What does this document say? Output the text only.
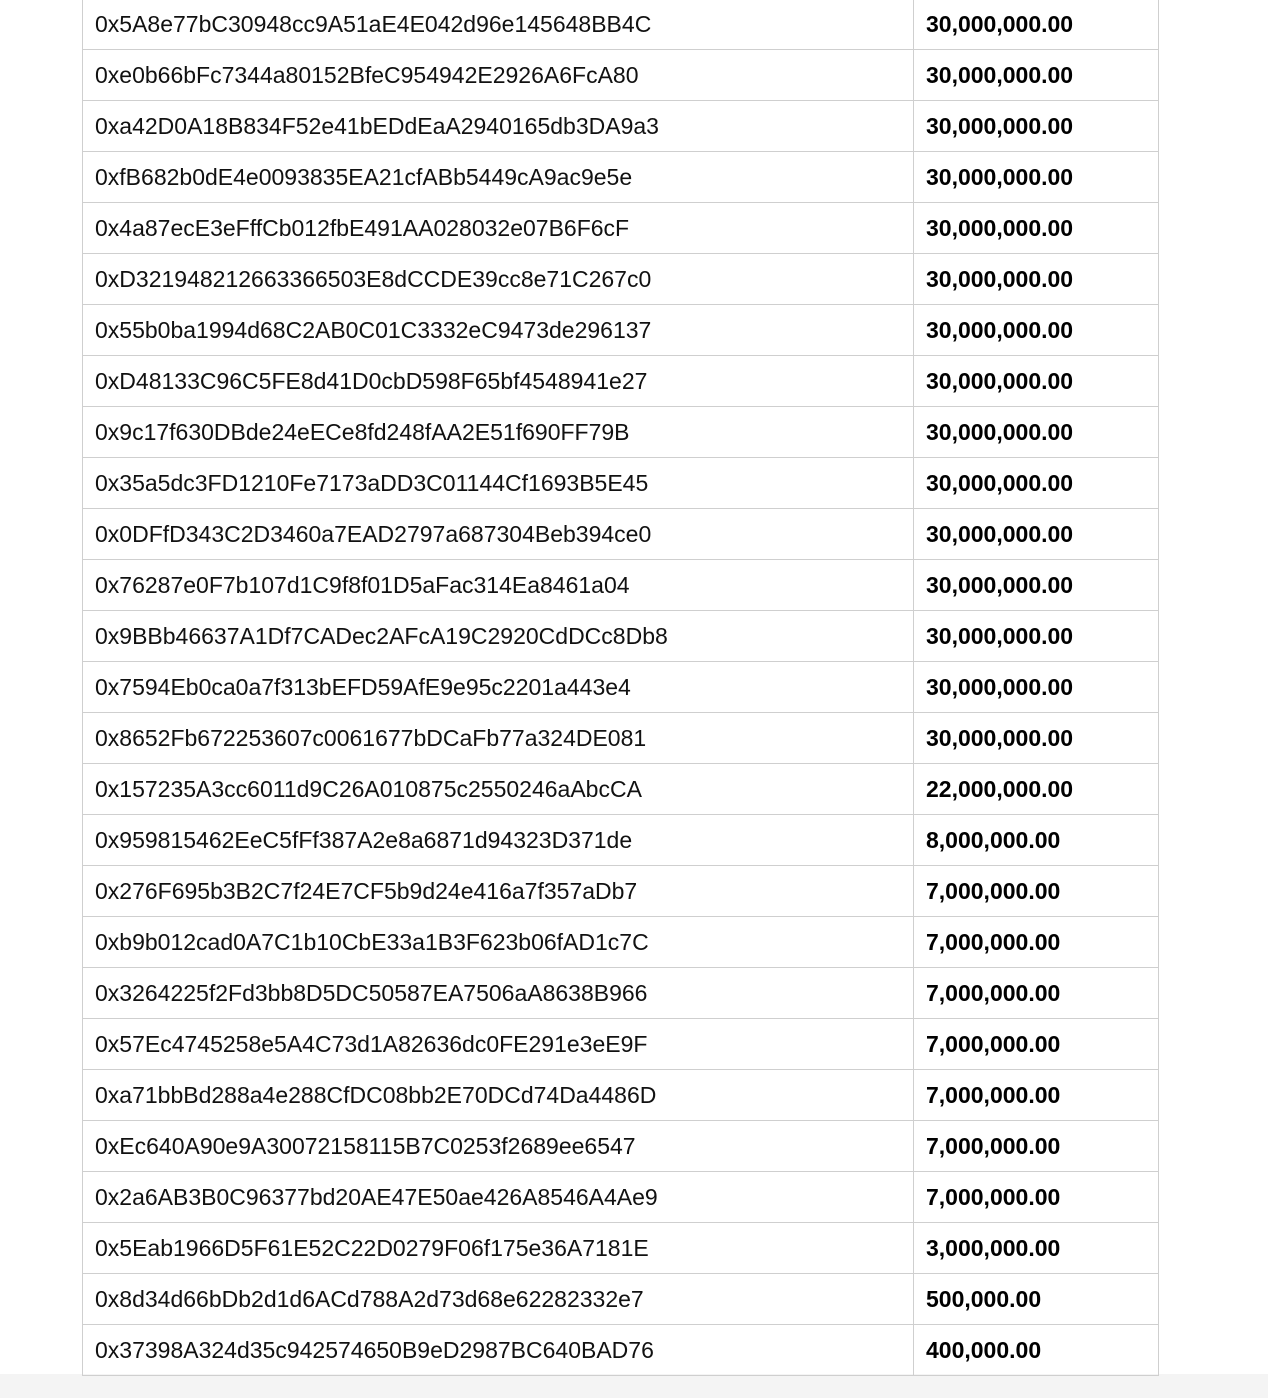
0x5A8e77bC30948cc9A51aE4E042d96e145648BB4C	30,000,000.00
0xe0b66bFc7344a80152BfeC954942E2926A6FcA80	30,000,000.00
0xa42D0A18B834F52e41bEDdEaA2940165db3DA9a3	30,000,000.00
0xfB682b0dE4e0093835EA21cfABb5449cA9ac9e5e	30,000,000.00
0x4a87ecE3eFffCb012fbE491AA028032e07B6F6cF	30,000,000.00
0xD321948212663366503E8dCCDE39cc8e71C267c0	30,000,000.00
0x55b0ba1994d68C2AB0C01C3332eC9473de296137	30,000,000.00
0xD48133C96C5FE8d41D0cbD598F65bf4548941e27	30,000,000.00
0x9c17f630DBde24eECe8fd248fAA2E51f690FF79B	30,000,000.00
0x35a5dc3FD1210Fe7173aDD3C01144Cf1693B5E45	30,000,000.00
0x0DFfD343C2D3460a7EAD2797a687304Beb394ce0	30,000,000.00
0x76287e0F7b107d1C9f8f01D5aFac314Ea8461a04	30,000,000.00
0x9BBb46637A1Df7CADec2AFcA19C2920CdDCc8Db8	30,000,000.00
0x7594Eb0ca0a7f313bEFD59AfE9e95c2201a443e4	30,000,000.00
0x8652Fb672253607c0061677bDCaFb77a324DE081	30,000,000.00
0x157235A3cc6011d9C26A010875c2550246aAbcCA	22,000,000.00
0x959815462EeC5fFf387A2e8a6871d94323D371de	8,000,000.00
0x276F695b3B2C7f24E7CF5b9d24e416a7f357aDb7	7,000,000.00
0xb9b012cad0A7C1b10CbE33a1B3F623b06fAD1c7C	7,000,000.00
0x3264225f2Fd3bb8D5DC50587EA7506aA8638B966	7,000,000.00
0x57Ec4745258e5A4C73d1A82636dc0FE291e3eE9F	7,000,000.00
0xa71bbBd288a4e288CfDC08bb2E70DCd74Da4486D	7,000,000.00
0xEc640A90e9A30072158115B7C0253f2689ee6547	7,000,000.00
0x2a6AB3B0C96377bd20AE47E50ae426A8546A4Ae9	7,000,000.00
0x5Eab1966D5F61E52C22D0279F06f175e36A7181E	3,000,000.00
0x8d34d66bDb2d1d6ACd788A2d73d68e62282332e7	500,000.00
0x37398A324d35c942574650B9eD2987BC640BAD76	400,000.00
